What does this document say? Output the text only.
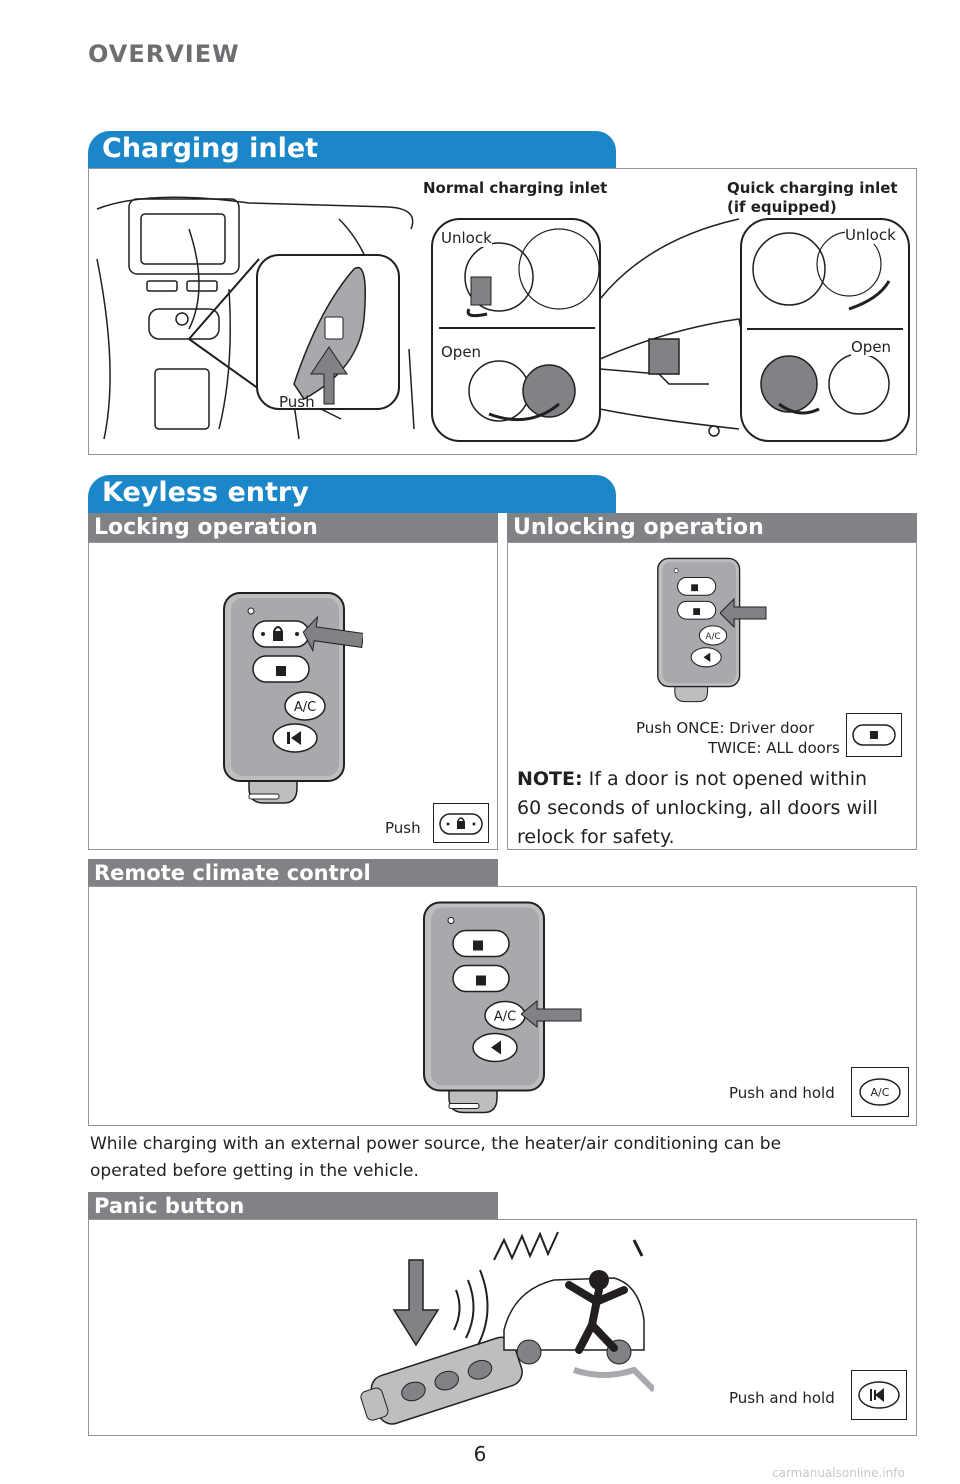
OVERVIEW
Charging inlet
Push
Normal charging inlet	Quick charging inlet
(if equipped)
Unlock
Open
Unlock
Open
Keyless entry
Locking operation
A/C
Push
Unlocking operation
A/C
Push ONCE: Driver door
TWICE: ALL doors
NOTE: If a door is not opened within
60 seconds of unlocking, all doors will
relock for safety.
Remote climate control
A/C
Push and hold	A/C
While charging with an external power source, the heater/air conditioning can be
operated before getting in the vehicle.
Panic button
Push and hold
6
carmanualsonline.info
